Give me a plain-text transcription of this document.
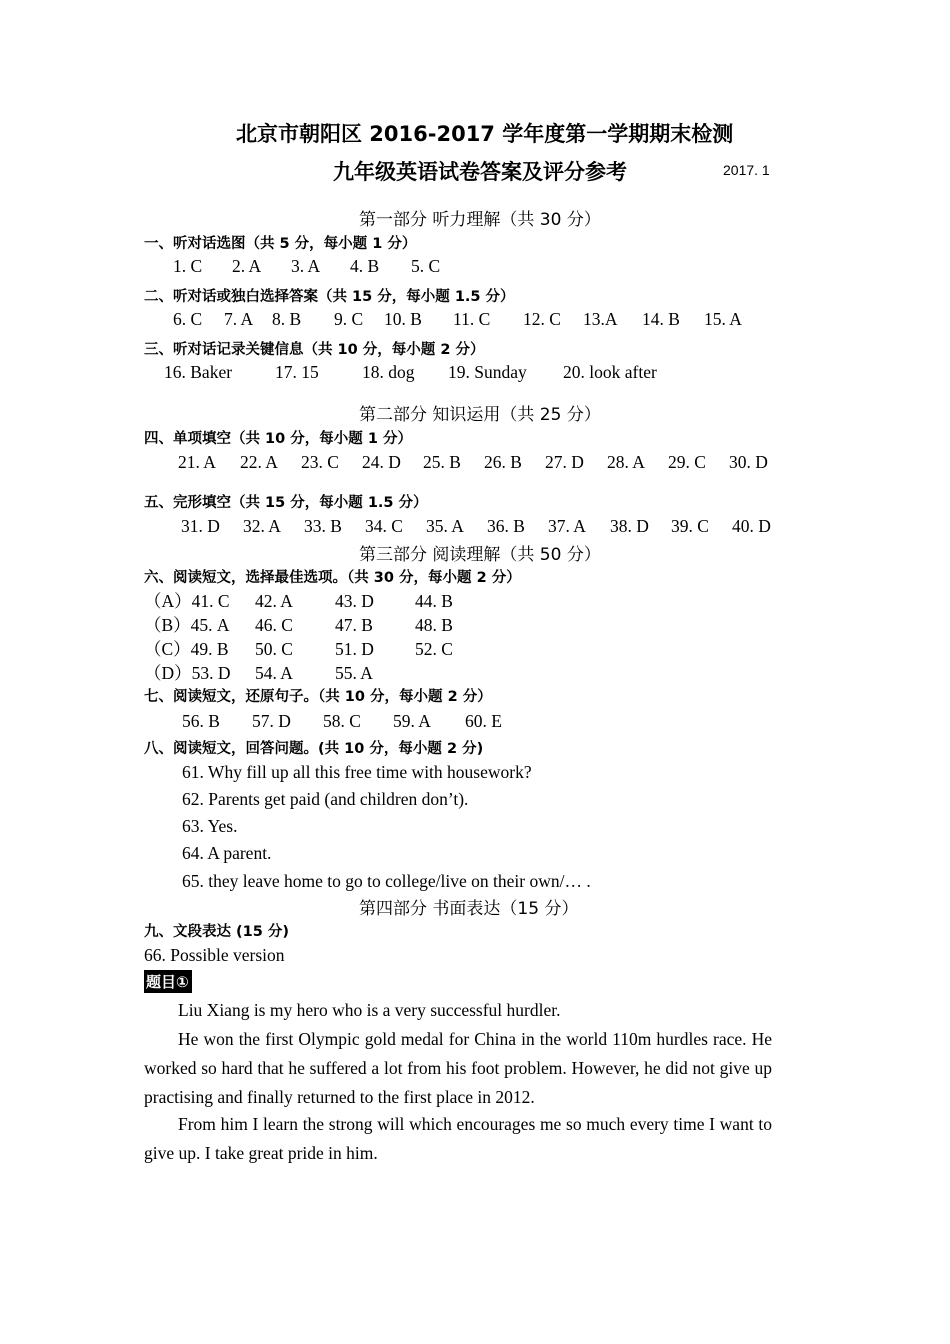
北京市朝阳区 2016-2017 学年度第一学期期末检测
九年级英语试卷答案及评分参考	2017. 1
第一部分 听力理解（共 30 分）
一、听对话选图（共 5 分，每小题 1 分）
1. C 2. A 3. A 4. B 5. C
二、听对话或独白选择答案（共 15 分，每小题 1.5 分）
6. C 7. A 8. B 9. C 10. B 11. C 12. C 13.A 14. B 15. A
三、听对话记录关键信息（共 10 分，每小题 2 分）
16. Baker 17. 15 18. dog 19. Sunday 20. look after
第二部分 知识运用（共 25 分）
四、单项填空（共 10 分，每小题 1 分）
21. A 22. A 23. C 24. D 25. B 26. B 27. D 28. A 29. C 30. D
五、完形填空（共 15 分，每小题 1.5 分）
31. D 32. A 33. B 34. C 35. A 36. B 37. A 38. D 39. C 40. D
第三部分 阅读理解（共 50 分）
六、阅读短文，选择最佳选项。（共 30 分，每小题 2 分）
（A）41. C 42. A 43. D 44. B
（B）45. A 46. C 47. B 48. B
（C）49. B 50. C 51. D 52. C
（D）53. D 54. A 55. A
七、阅读短文，还原句子。（共 10 分，每小题 2 分）
56. B 57. D 58. C 59. A 60. E
八、阅读短文，回答问题。(共 10 分，每小题 2 分)
61. Why fill up all this free time with housework?
62. Parents get paid (and children don’t).
63. Yes.
64. A parent.
65. they leave home to go to college/live on their own/… .
第四部分 书面表达（15 分）
九、文段表达 (15 分)
66. Possible version
题目①
Liu Xiang is my hero who is a very successful hurdler.
He won the first Olympic gold medal for China in the world 110m hurdles race. He worked so hard that he suffered a lot from his foot problem. However, he did not give up practising and finally returned to the first place in 2012.
From him I learn the strong will which encourages me so much every time I want to give up. I take great pride in him.
